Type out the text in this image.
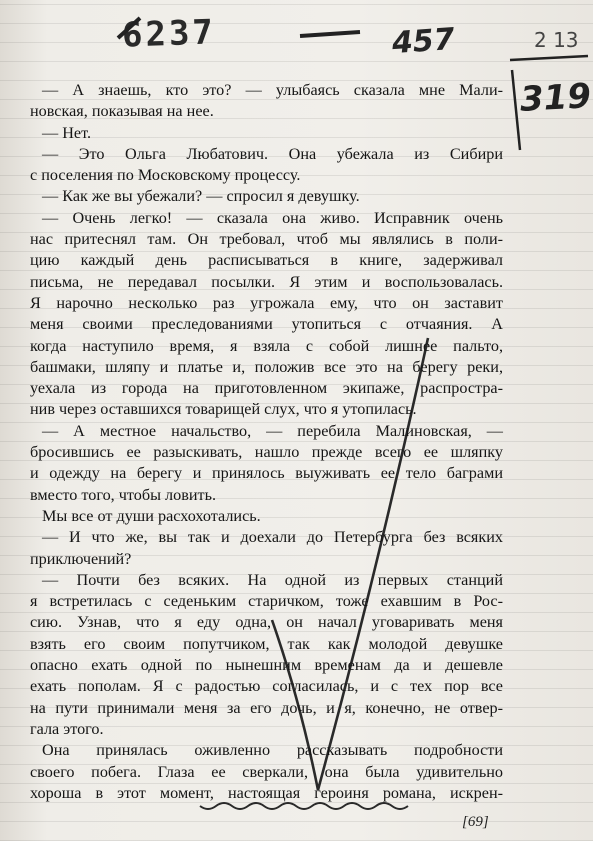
6237	457	2 13
319
— А знаешь, кто это? — улыбаясь сказала мне Мали-
новская, показывая на нее.
— Нет.
— Это Ольга Любатович. Она убежала из Сибири
с поселения по Московскому процессу.
— Как же вы убежали? — спросил я девушку.
— Очень легко! — сказала она живо. Исправник очень
нас притеснял там. Он требовал, чтоб мы являлись в поли-
цию каждый день расписываться в книге, задерживал
письма, не передавал посылки. Я этим и воспользовалась.
Я нарочно несколько раз угрожала ему, что он заставит
меня своими преследованиями утопиться с отчаяния. А
когда наступило время, я взяла с собой лишнее пальто,
башмаки, шляпу и платье и, положив все это на берегу реки,
уехала из города на приготовленном экипаже, распростра-
нив через оставшихся товарищей слух, что я утопилась.
— А местное начальство, — перебила Малиновская, —
бросившись ее разыскивать, нашло прежде всего ее шляпку
и одежду на берегу и принялось выуживать ее тело баграми
вместо того, чтобы ловить.
Мы все от души расхохотались.
— И что же, вы так и доехали до Петербурга без всяких
приключений?
— Почти без всяких. На одной из первых станций
я встретилась с седеньким старичком, тоже ехавшим в Рос-
сию. Узнав, что я еду одна, он начал уговаривать меня
взять его своим попутчиком, так как молодой девушке
опасно ехать одной по нынешним временам да и дешевле
ехать пополам. Я с радостью согласилась, и с тех пор все
на пути принимали меня за его дочь, и я, конечно, не отвер-
гала этого.
Она принялась оживленно рассказывать подробности
своего побега. Глаза ее сверкали, она была удивительно
хороша в этот момент, настоящая героиня романа, искрен-
[69]
